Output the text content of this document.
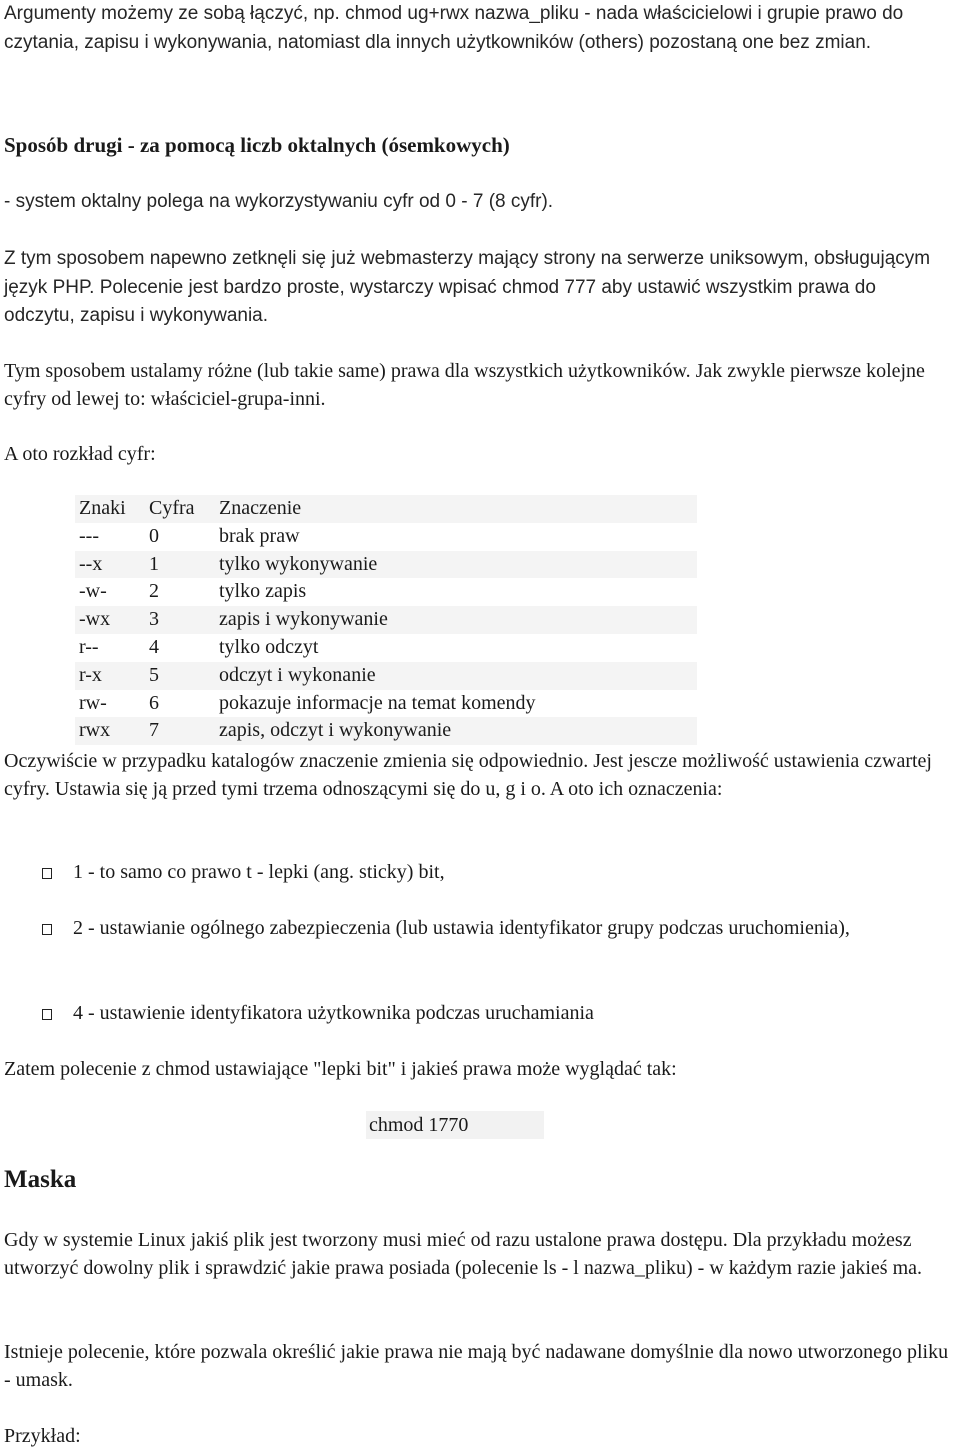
Argumenty możemy ze sobą łączyć, np. chmod ug+rwx nazwa_pliku - nada właścicielowi i grupie prawo do czytania, zapisu i wykonywania, natomiast dla innych użytkowników (others) pozostaną one bez zmian.

Sposób drugi - za pomocą liczb oktalnych (ósemkowych)

- system oktalny polega na wykorzystywaniu cyfr od 0 - 7 (8 cyfr).

Z tym sposobem napewno zetknęli się już webmasterzy mający strony na serwerze uniksowym, obsługującym język PHP. Polecenie jest bardzo proste, wystarczy wpisać chmod 777 aby ustawić wszystkim prawa do odczytu, zapisu i wykonywania.

Tym sposobem ustalamy różne (lub takie same) prawa dla wszystkich użytkowników. Jak zwykle pierwsze kolejne cyfry od lewej to: właściciel-grupa-inni.

A oto rozkład cyfr:

Znaki	Cyfra	Znaczenie
---	0	brak praw
--x	1	tylko wykonywanie
-w-	2	tylko zapis
-wx	3	zapis i wykonywanie
r--	4	tylko odczyt
r-x	5	odczyt i wykonanie
rw-	6	pokazuje informacje na temat komendy
rwx	7	zapis, odczyt i wykonywanie

Oczywiście w przypadku katalogów znaczenie zmienia się odpowiednio. Jest jescze możliwość ustawienia czwartej cyfry. Ustawia się ją przed tymi trzema odnoszącymi się do u, g i o. A oto ich oznaczenia:

1 - to samo co prawo t - lepki (ang. sticky) bit,
2 - ustawianie ogólnego zabezpieczenia (lub ustawia identyfikator grupy podczas uruchomienia),
4 - ustawienie identyfikatora użytkownika podczas uruchamiania

Zatem polecenie z chmod ustawiające "lepki bit" i jakieś prawa może wyglądać tak:

chmod 1770

Maska

Gdy w systemie Linux jakiś plik jest tworzony musi mieć od razu ustalone prawa dostępu. Dla przykładu możesz utworzyć dowolny plik i sprawdzić jakie prawa posiada (polecenie ls - l nazwa_pliku) - w każdym razie jakieś ma.

Istnieje polecenie, które pozwala określić jakie prawa nie mają być nadawane domyślnie dla nowo utworzonego pliku - umask.

Przykład:
